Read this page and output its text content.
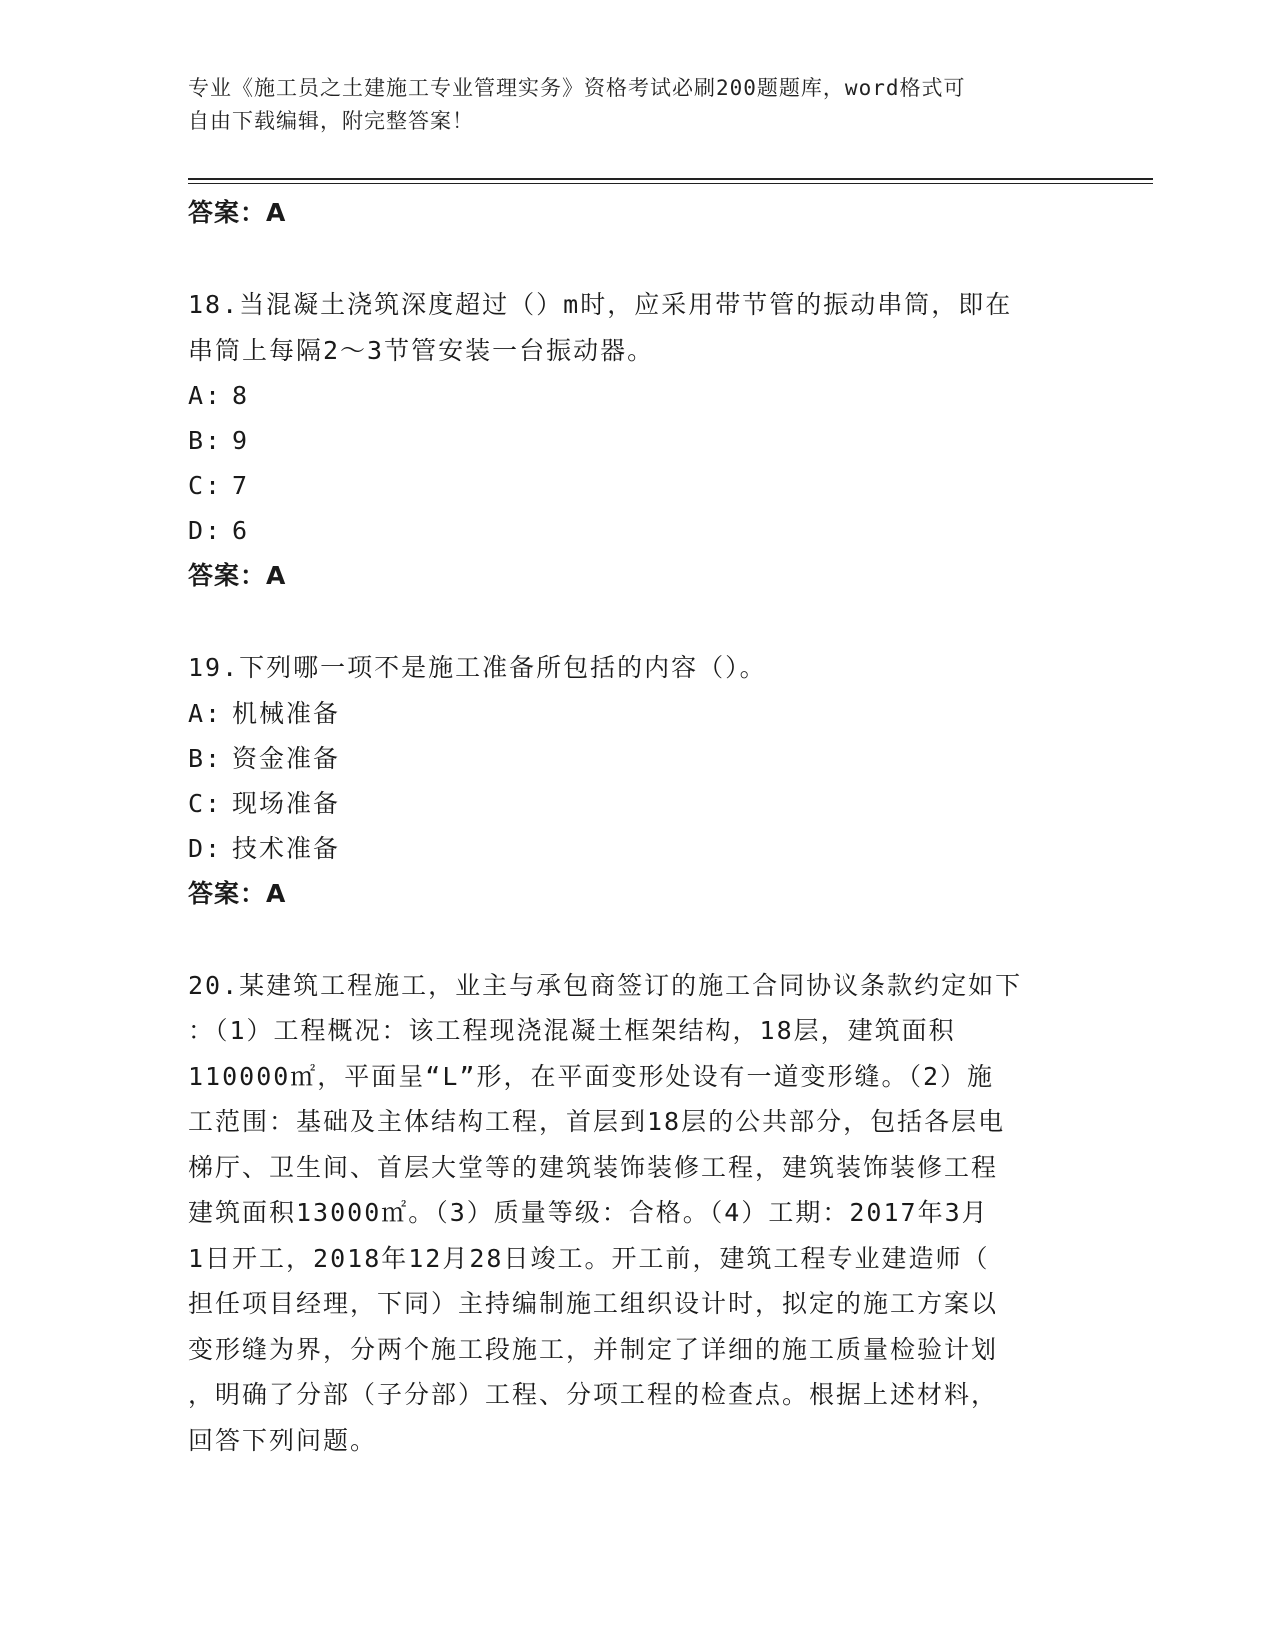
专业《施工员之土建施工专业管理实务》资格考试必刷200题题库，word格式可
自由下载编辑，附完整答案！
答案：A
18.当混凝土浇筑深度超过（）m时，应采用带节管的振动串筒，即在
串筒上每隔2～3节管安装一台振动器。
A: 8
B: 9
C: 7
D: 6
答案：A
19.下列哪一项不是施工准备所包括的内容（）。
A: 机械准备
B: 资金准备
C: 现场准备
D: 技术准备
答案：A
20.某建筑工程施工，业主与承包商签订的施工合同协议条款约定如下
：（1）工程概况：该工程现浇混凝土框架结构，18层，建筑面积
110000㎡，平面呈“L”形，在平面变形处设有一道变形缝。（2）施
工范围：基础及主体结构工程，首层到18层的公共部分，包括各层电
梯厅、卫生间、首层大堂等的建筑装饰装修工程，建筑装饰装修工程
建筑面积13000㎡。（3）质量等级：合格。（4）工期：2017年3月
1日开工，2018年12月28日竣工。开工前，建筑工程专业建造师（
担任项目经理，下同）主持编制施工组织设计时，拟定的施工方案以
变形缝为界，分两个施工段施工，并制定了详细的施工质量检验计划
，明确了分部（子分部）工程、分项工程的检查点。根据上述材料，
回答下列问题。
